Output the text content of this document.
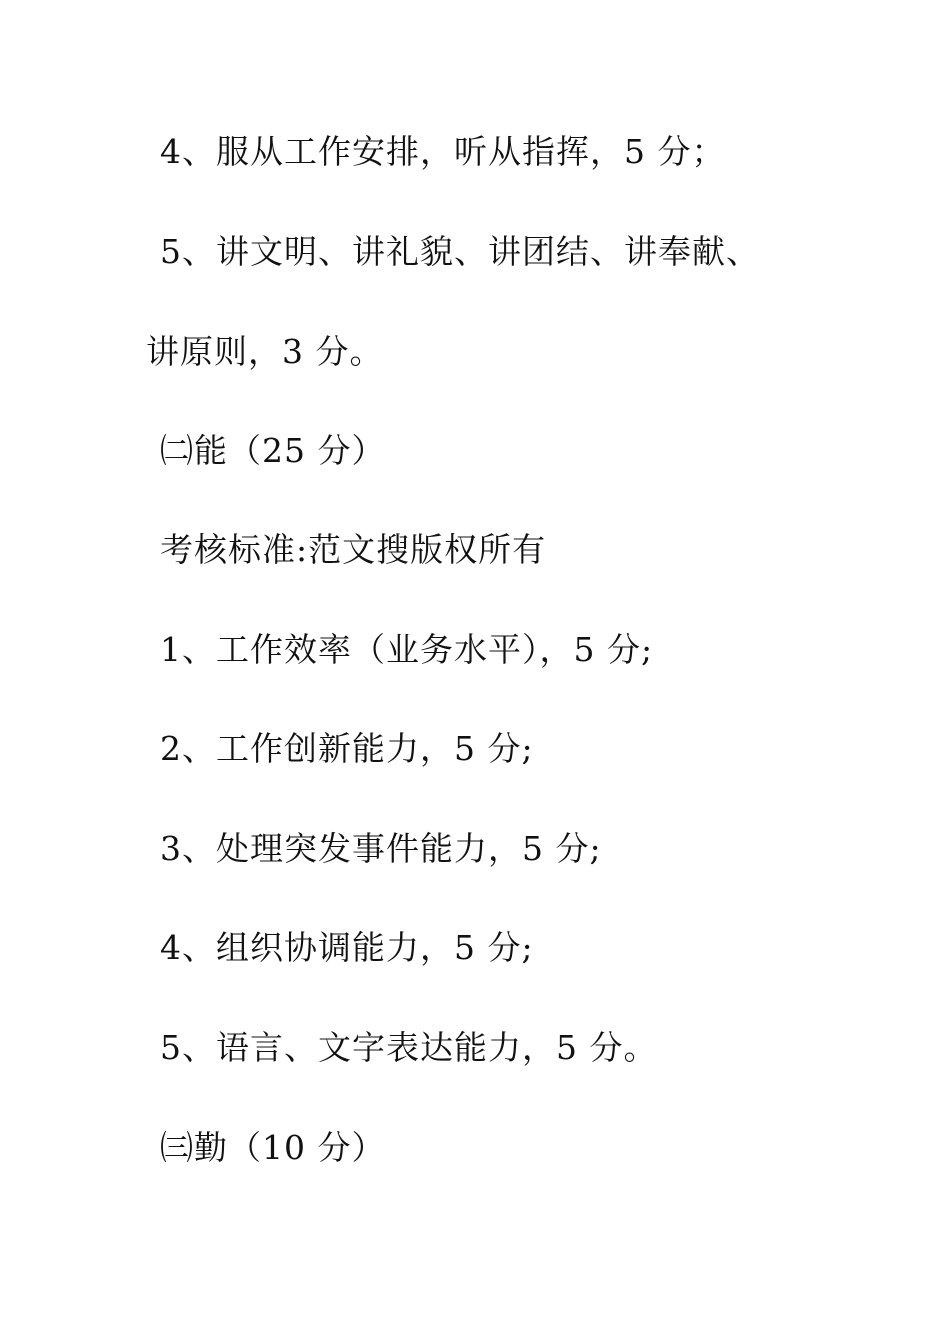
4、服从工作安排，听从指挥，5 分；
5、讲文明、讲礼貌、讲团结、讲奉献、
讲原则，3 分。
㈡能（25 分）
考核标准:范文搜版权所有
1、工作效率（业务水平），5 分;
2、工作创新能力，5 分;
3、处理突发事件能力，5 分;
4、组织协调能力，5 分;
5、语言、文字表达能力，5 分。
㈢勤（10 分）
